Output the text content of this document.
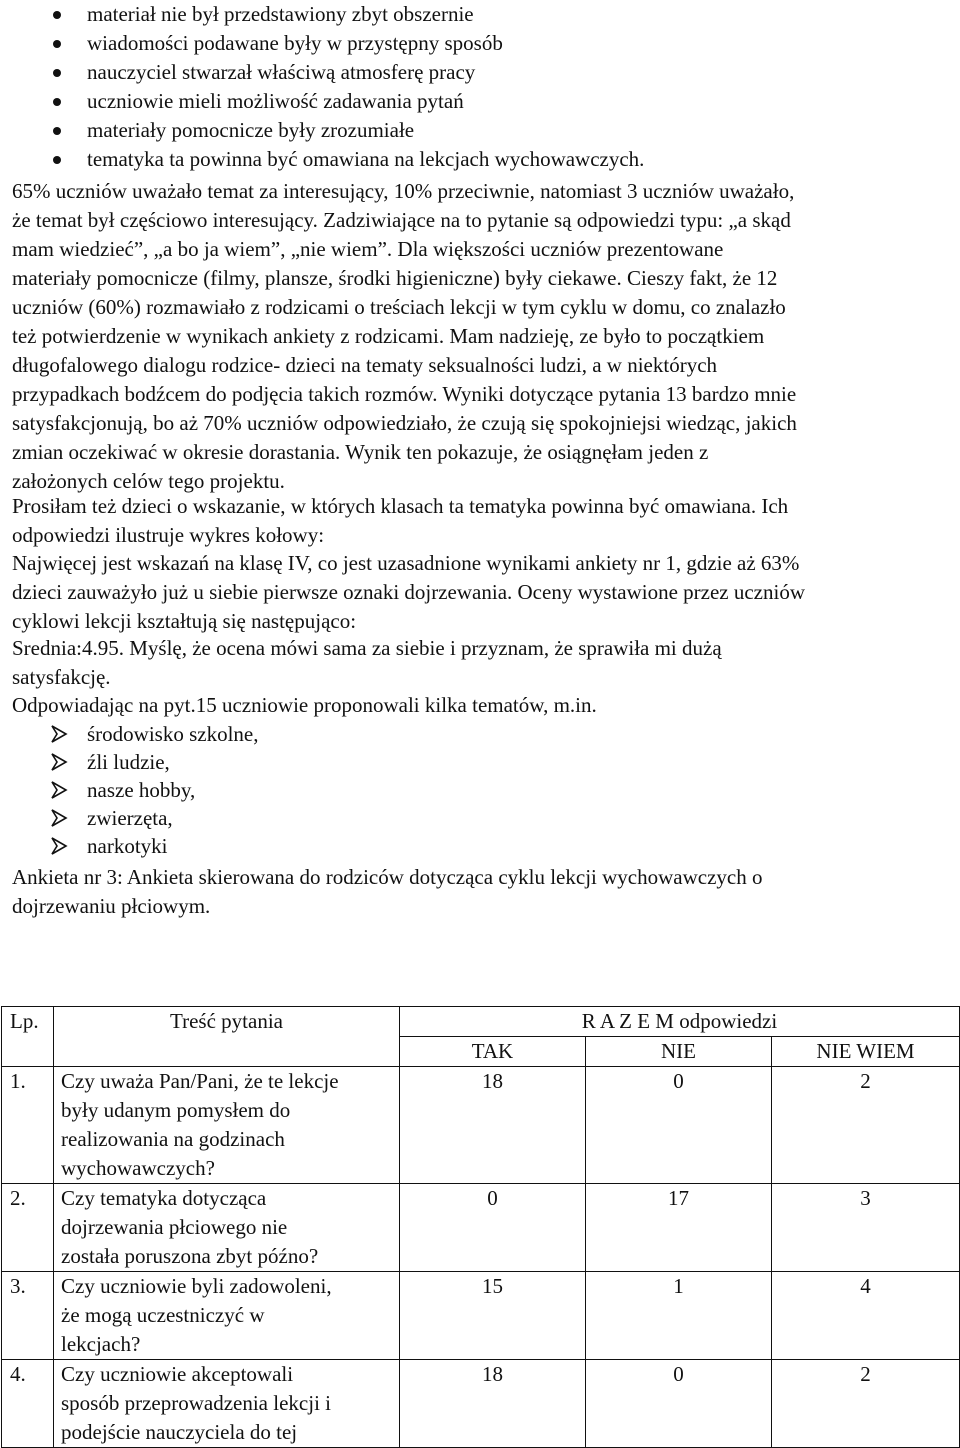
materiał nie był przedstawiony zbyt obszernie
wiadomości podawane były w przystępny sposób
nauczyciel stwarzał właściwą atmosferę pracy
uczniowie mieli możliwość zadawania pytań
materiały pomocnicze były zrozumiałe
tematyka ta powinna być omawiana na lekcjach wychowawczych.

65% uczniów uważało temat za interesujący, 10% przeciwnie, natomiast 3 uczniów uważało,
że temat był częściowo interesujący. Zadziwiające na to pytanie są odpowiedzi typu: „a skąd
mam wiedzieć”, „a bo ja wiem”, „nie wiem”. Dla większości uczniów prezentowane
materiały pomocnicze (filmy, plansze, środki higieniczne) były ciekawe. Cieszy fakt, że 12
uczniów (60%) rozmawiało z rodzicami o treściach lekcji w tym cyklu w domu, co znalazło
też potwierdzenie w wynikach ankiety z rodzicami. Mam nadzieję, ze było to początkiem
długofalowego dialogu rodzice- dzieci na tematy seksualności ludzi, a w niektórych
przypadkach bodźcem do podjęcia takich rozmów. Wyniki dotyczące pytania 13 bardzo mnie
satysfakcjonują, bo aż 70% uczniów odpowiedziało, że czują się spokojniejsi wiedząc, jakich
zmian oczekiwać w okresie dorastania. Wynik ten pokazuje, że osiągnęłam jeden z
założonych celów tego projektu.

Prosiłam też dzieci o wskazanie, w których klasach ta tematyka powinna być omawiana. Ich
odpowiedzi ilustruje wykres kołowy:

Najwięcej jest wskazań na klasę IV, co jest uzasadnione wynikami ankiety nr 1, gdzie aż 63%
dzieci zauważyło już u siebie pierwsze oznaki dojrzewania. Oceny wystawione przez uczniów
cyklowi lekcji kształtują się następująco:

Srednia:4.95. Myślę, że ocena mówi sama za siebie i przyznam, że sprawiła mi dużą
satysfakcję.

Odpowiadając na pyt.15 uczniowie proponowali kilka tematów, m.in.

środowisko szkolne,
źli ludzie,
nasze hobby,
zwierzęta,
narkotyki

Ankieta nr 3: Ankieta skierowana do rodziców dotycząca cyklu lekcji wychowawczych o
dojrzewaniu płciowym.

Lp.	Treść pytania	R A Z E M odpowiedzi		
		TAK	NIE	NIE WIEM
1.	Czy uważa Pan/Pani, że te lekcje
były udanym pomysłem do
realizowania na godzinach
wychowawczych?	18	0	2
2.	Czy tematyka dotycząca
dojrzewania płciowego nie
została poruszona zbyt późno?	0	17	3
3.	Czy uczniowie byli zadowoleni,
że mogą uczestniczyć w
lekcjach?	15	1	4
4.	Czy uczniowie akceptowali
sposób przeprowadzenia lekcji i
podejście nauczyciela do tej	18	0	2
